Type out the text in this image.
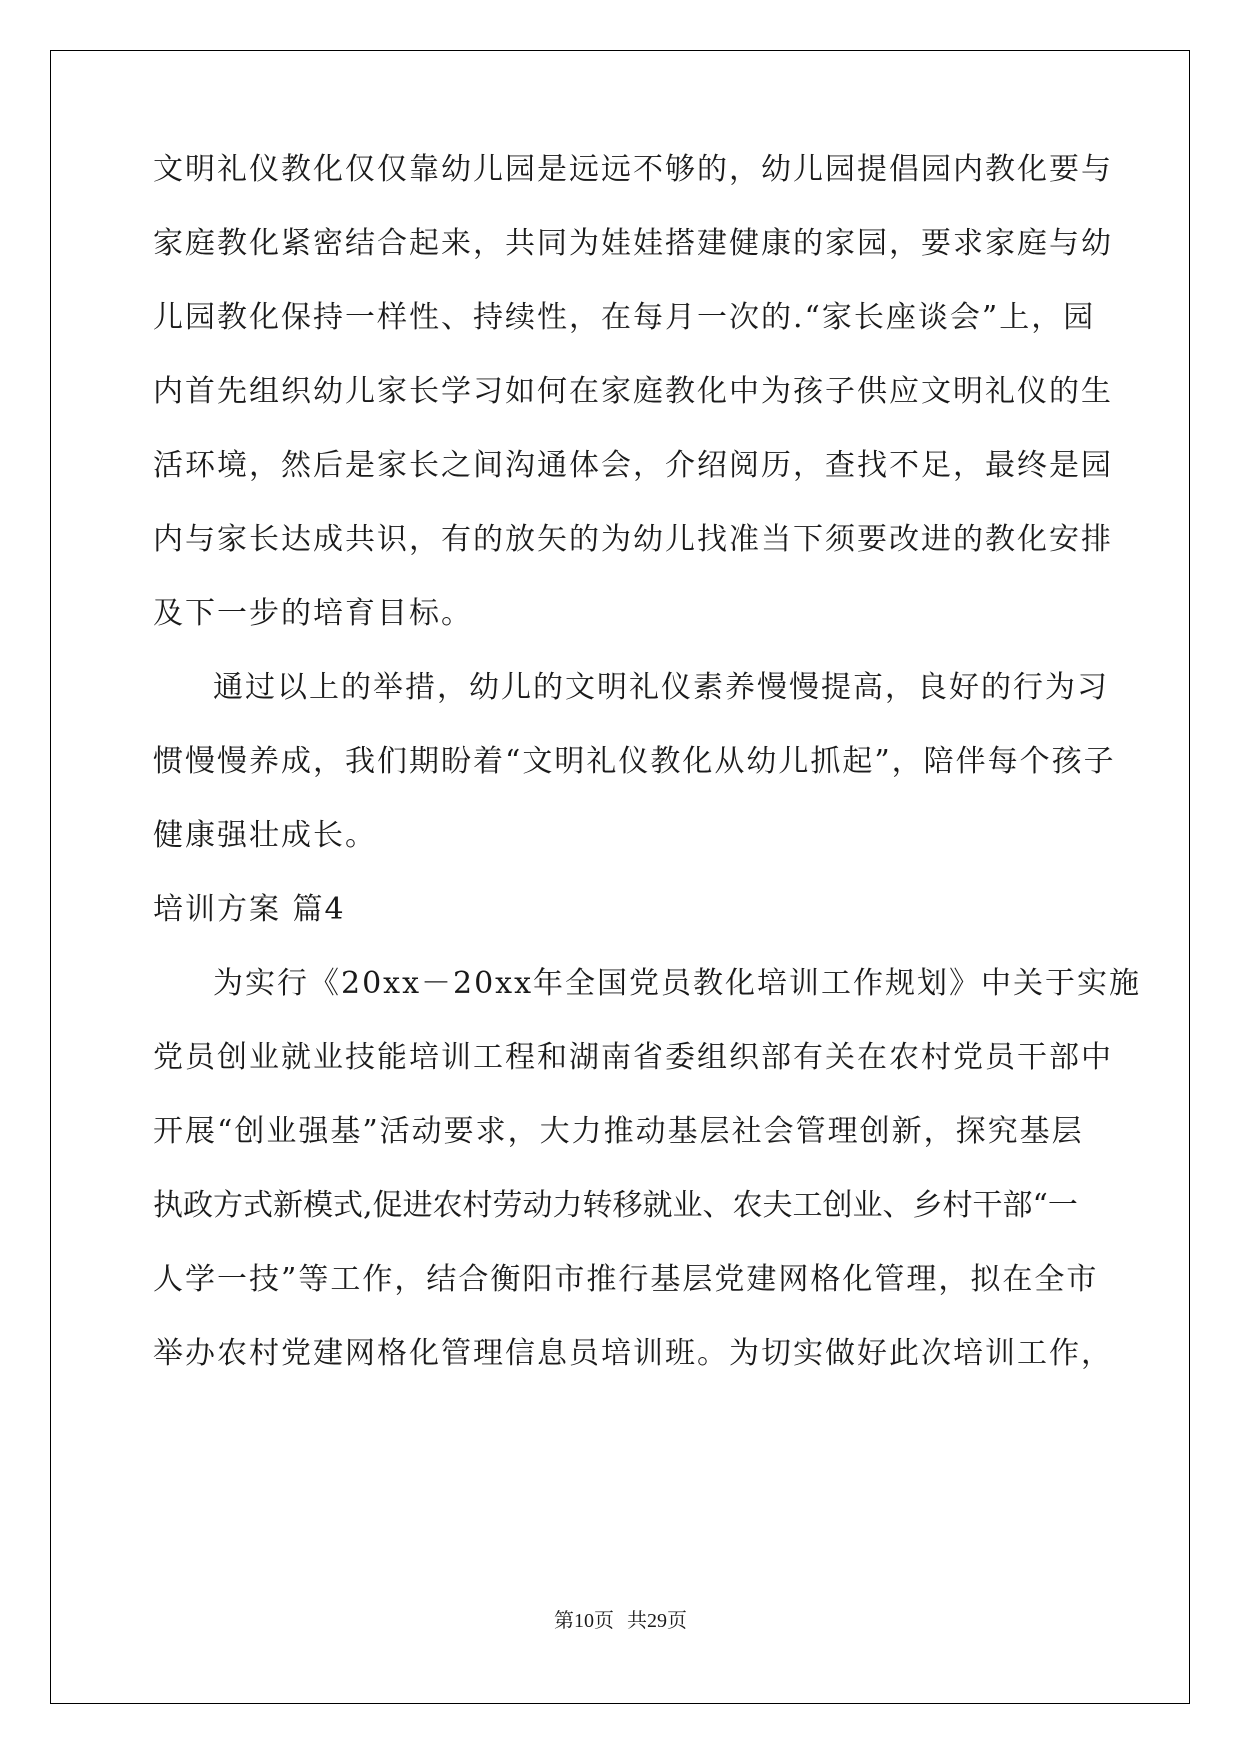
文明礼仪教化仅仅靠幼儿园是远远不够的，幼儿园提倡园内教化要与
家庭教化紧密结合起来，共同为娃娃搭建健康的家园，要求家庭与幼
儿园教化保持一样性、持续性，在每月一次的.“家长座谈会”上，园
内首先组织幼儿家长学习如何在家庭教化中为孩子供应文明礼仪的生
活环境，然后是家长之间沟通体会，介绍阅历，查找不足，最终是园
内与家长达成共识，有的放矢的为幼儿找准当下须要改进的教化安排
及下一步的培育目标。
通过以上的举措，幼儿的文明礼仪素养慢慢提高，良好的行为习
惯慢慢养成，我们期盼着“文明礼仪教化从幼儿抓起”，陪伴每个孩子
健康强壮成长。
培训方案 篇4
为实行《20xx－20xx年全国党员教化培训工作规划》中关于实施
党员创业就业技能培训工程和湖南省委组织部有关在农村党员干部中
开展“创业强基”活动要求，大力推动基层社会管理创新，探究基层
执政方式新模式,促进农村劳动力转移就业、农夫工创业、乡村干部“一
人学一技”等工作，结合衡阳市推行基层党建网格化管理，拟在全市
举办农村党建网格化管理信息员培训班。为切实做好此次培训工作，
第10页 共29页
